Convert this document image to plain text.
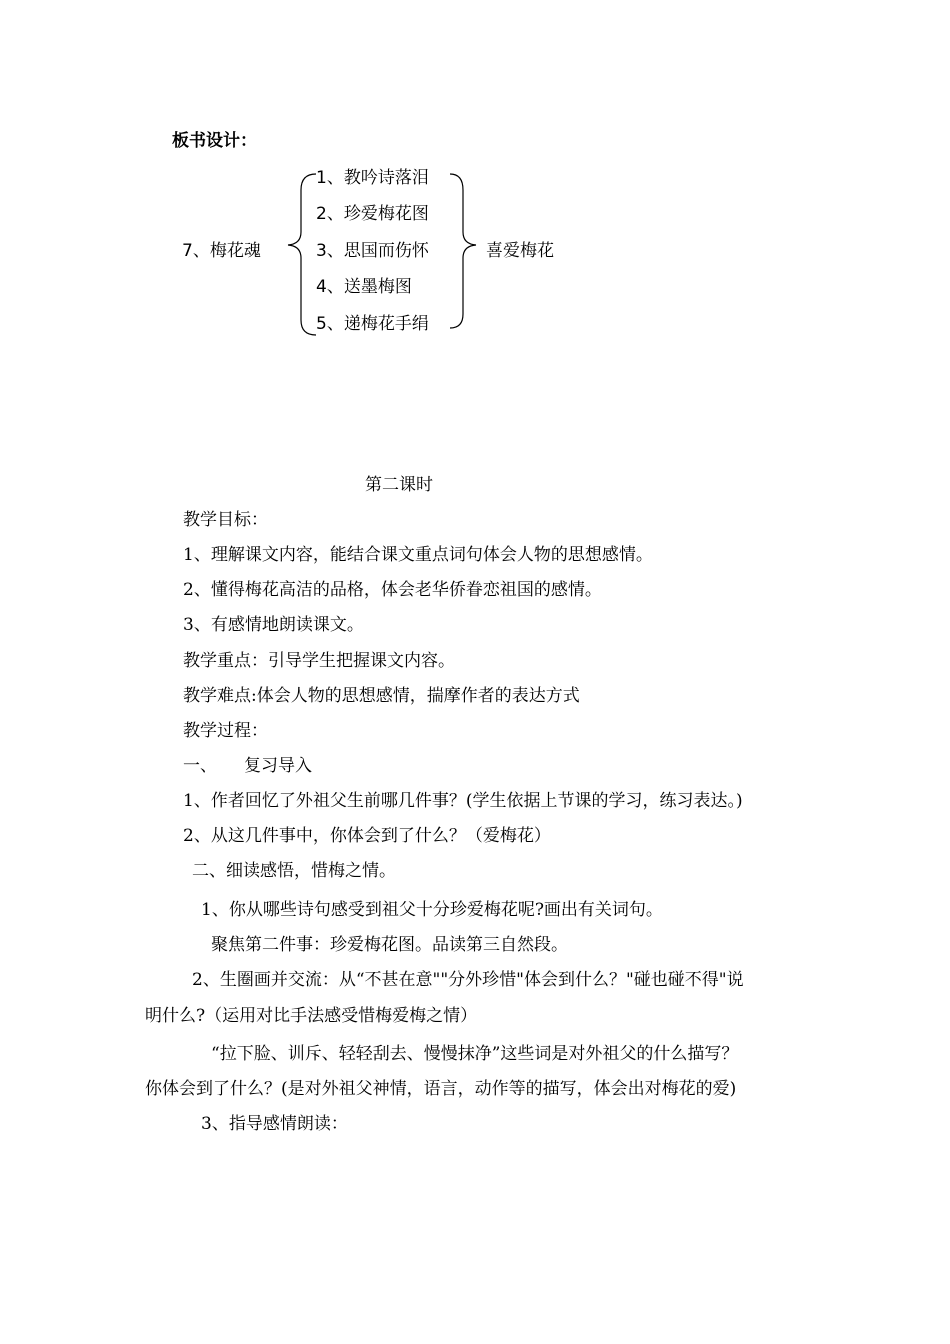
板书设计：
7、梅花魂
1、教吟诗落泪
2、珍爱梅花图
3、思国而伤怀
4、送墨梅图
5、递梅花手绢
喜爱梅花
第二课时
教学目标：
1、理解课文内容，能结合课文重点词句体会人物的思想感情。
2、懂得梅花高洁的品格，体会老华侨眷恋祖国的感情。
3、有感情地朗读课文。
教学重点：引导学生把握课文内容。
教学难点:体会人物的思想感情，揣摩作者的表达方式
教学过程：
一、 复习导入
1、作者回忆了外祖父生前哪几件事？(学生依据上节课的学习，练习表达。)
2、从这几件事中，你体会到了什么？（爱梅花）
二、细读感悟，惜梅之情。
1、你从哪些诗句感受到祖父十分珍爱梅花呢?画出有关词句。
聚焦第二件事：珍爱梅花图。品读第三自然段。
2、生圈画并交流：从“不甚在意""分外珍惜"体会到什么？"碰也碰不得"说
明什么?（运用对比手法感受惜梅爱梅之情）
“拉下脸、训斥、轻轻刮去、慢慢抹净”这些词是对外祖父的什么描写？
你体会到了什么？(是对外祖父神情，语言，动作等的描写，体会出对梅花的爱)
3、指导感情朗读：
